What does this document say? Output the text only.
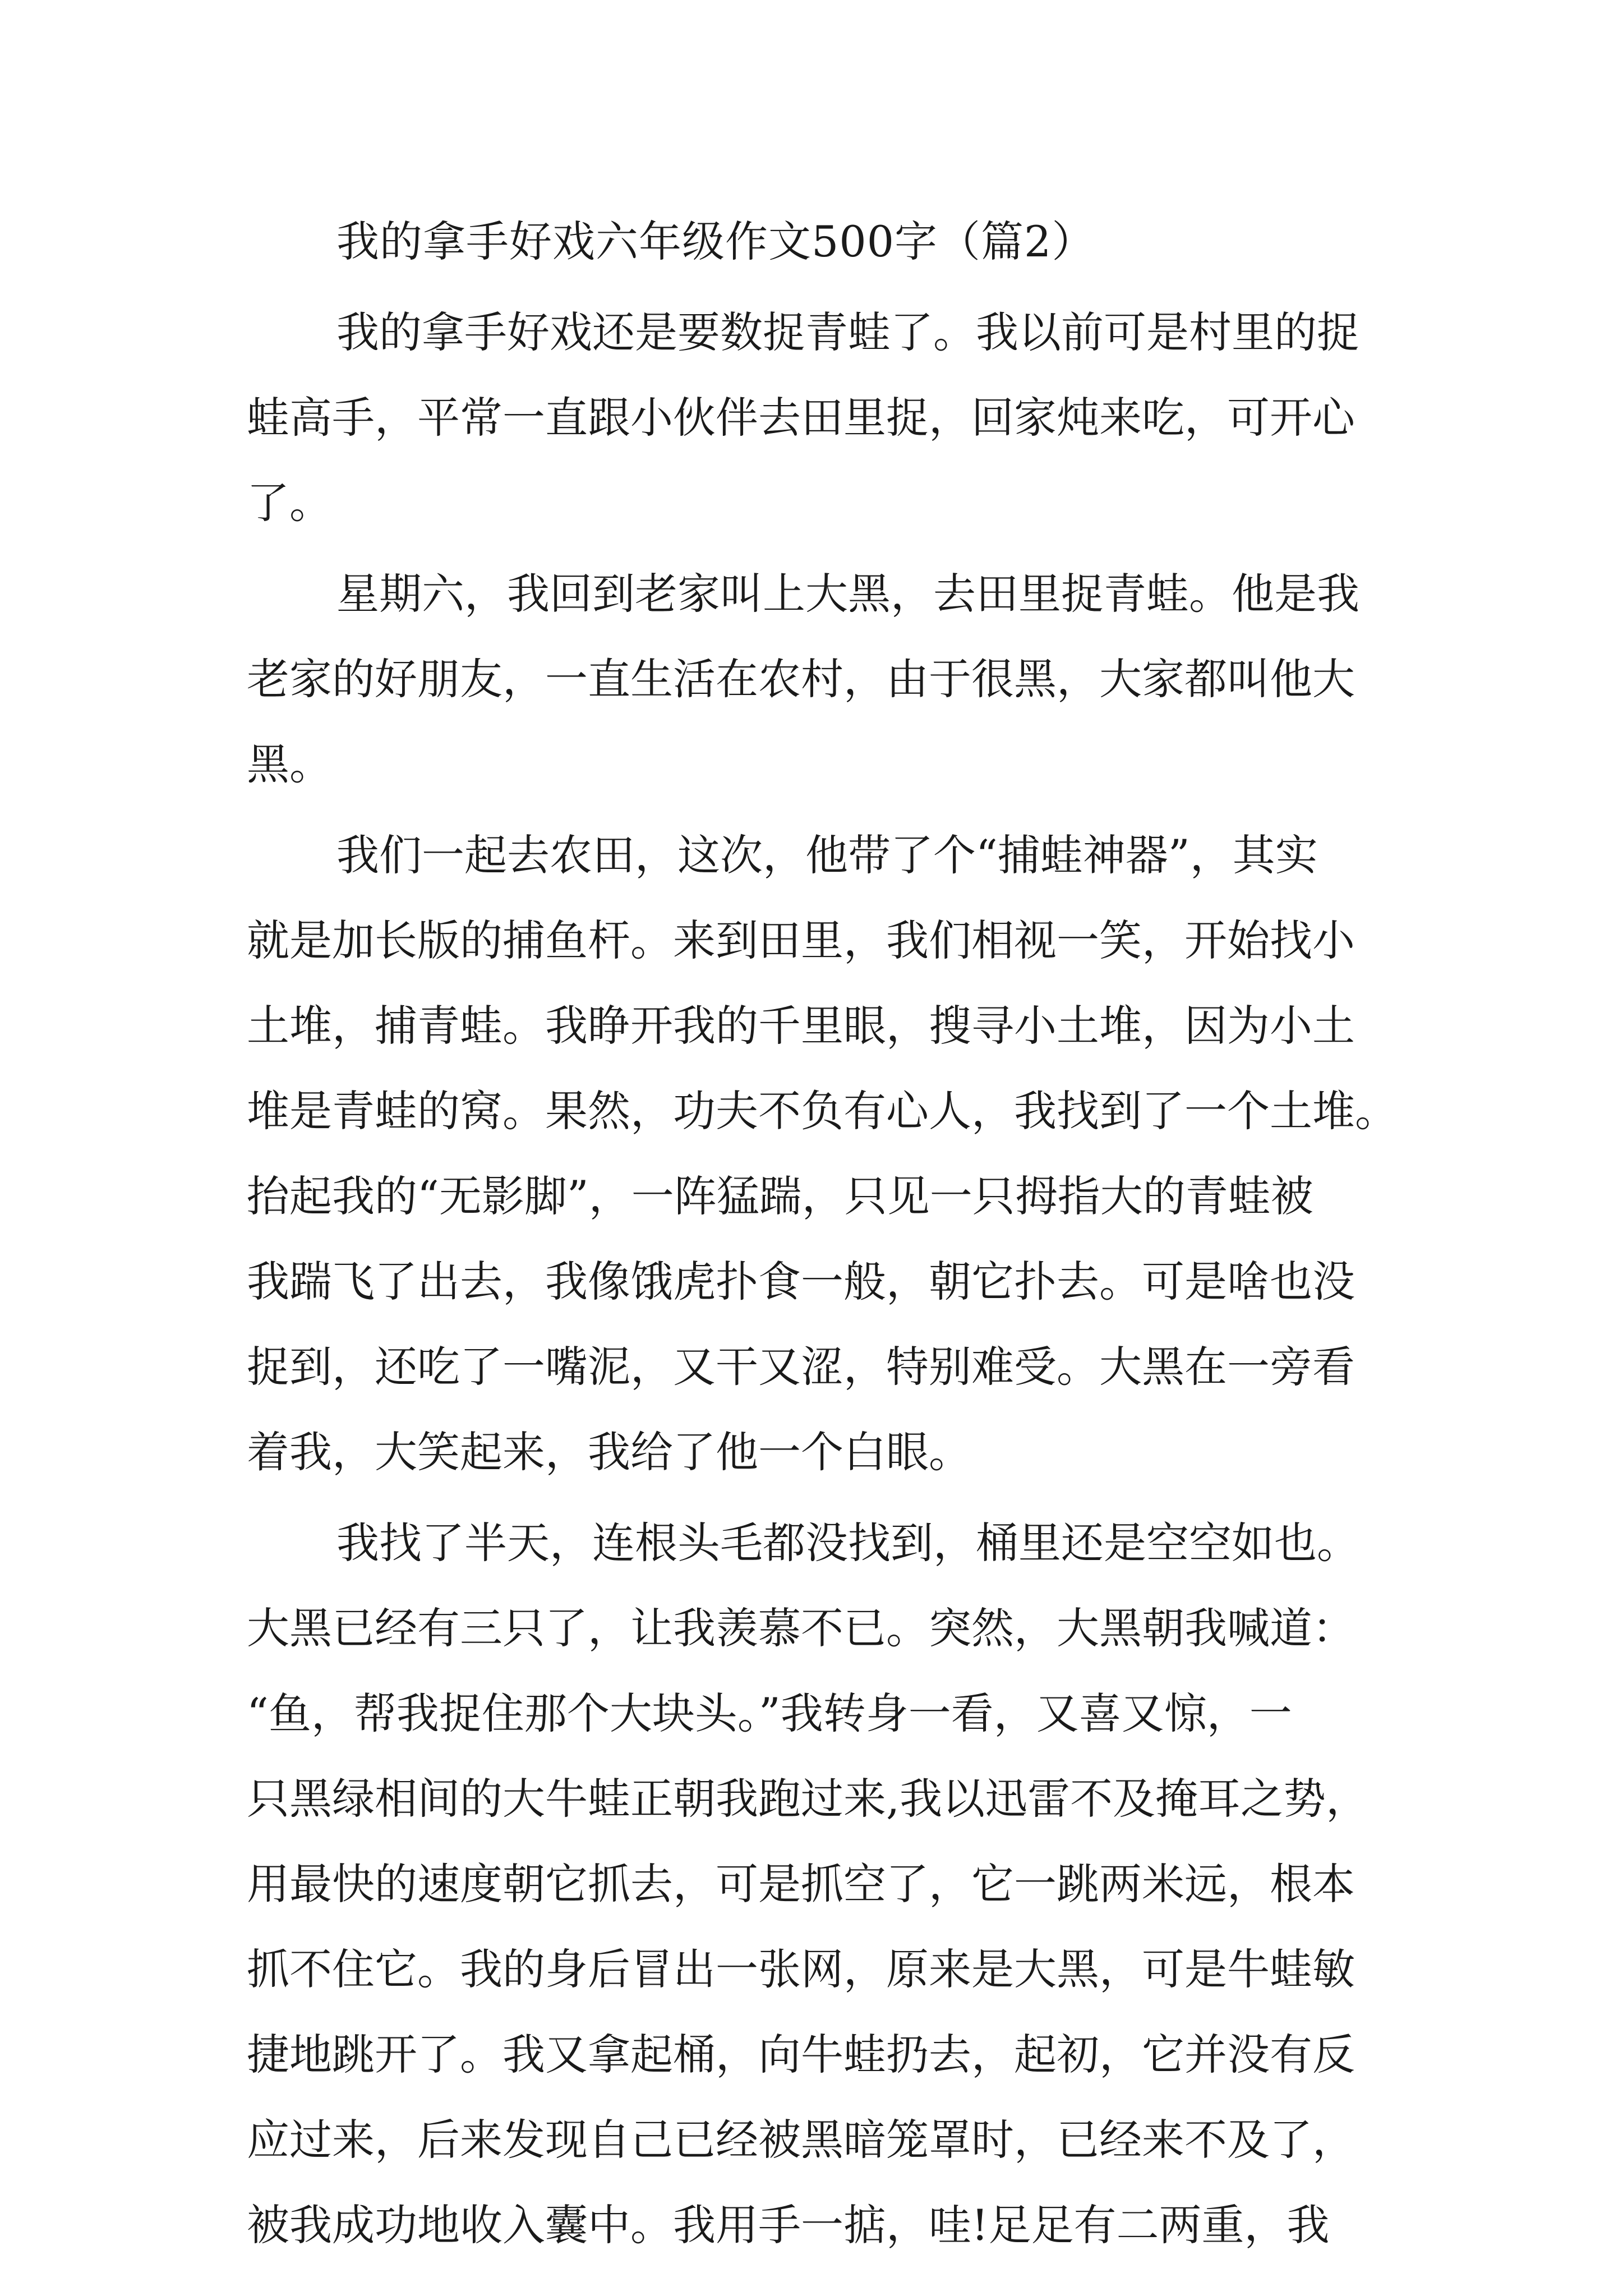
我的拿手好戏六年级作文500字（篇2）

我的拿手好戏还是要数捉青蛙了。我以前可是村里的捉
蛙高手，平常一直跟小伙伴去田里捉，回家炖来吃，可开心
了。

星期六，我回到老家叫上大黑，去田里捉青蛙。他是我
老家的好朋友，一直生活在农村，由于很黑，大家都叫他大
黑。

我们一起去农田，这次，他带了个“捕蛙神器”，其实
就是加长版的捕鱼杆。来到田里，我们相视一笑，开始找小
土堆，捕青蛙。我睁开我的千里眼，搜寻小土堆，因为小土
堆是青蛙的窝。果然，功夫不负有心人，我找到了一个土堆。
抬起我的“无影脚”，一阵猛踹，只见一只拇指大的青蛙被
我踹飞了出去，我像饿虎扑食一般，朝它扑去。可是啥也没
捉到，还吃了一嘴泥，又干又涩，特别难受。大黑在一旁看
着我，大笑起来，我给了他一个白眼。

我找了半天，连根头毛都没找到，桶里还是空空如也。
大黑已经有三只了，让我羡慕不已。突然，大黑朝我喊道：
“鱼，帮我捉住那个大块头。”我转身一看，又喜又惊，一
只黑绿相间的大牛蛙正朝我跑过来,我以迅雷不及掩耳之势，
用最快的速度朝它抓去，可是抓空了，它一跳两米远，根本
抓不住它。我的身后冒出一张网，原来是大黑，可是牛蛙敏
捷地跳开了。我又拿起桶，向牛蛙扔去，起初，它并没有反
应过来，后来发现自己已经被黑暗笼罩时，已经来不及了，
被我成功地收入囊中。我用手一掂，哇!足足有二两重，我
